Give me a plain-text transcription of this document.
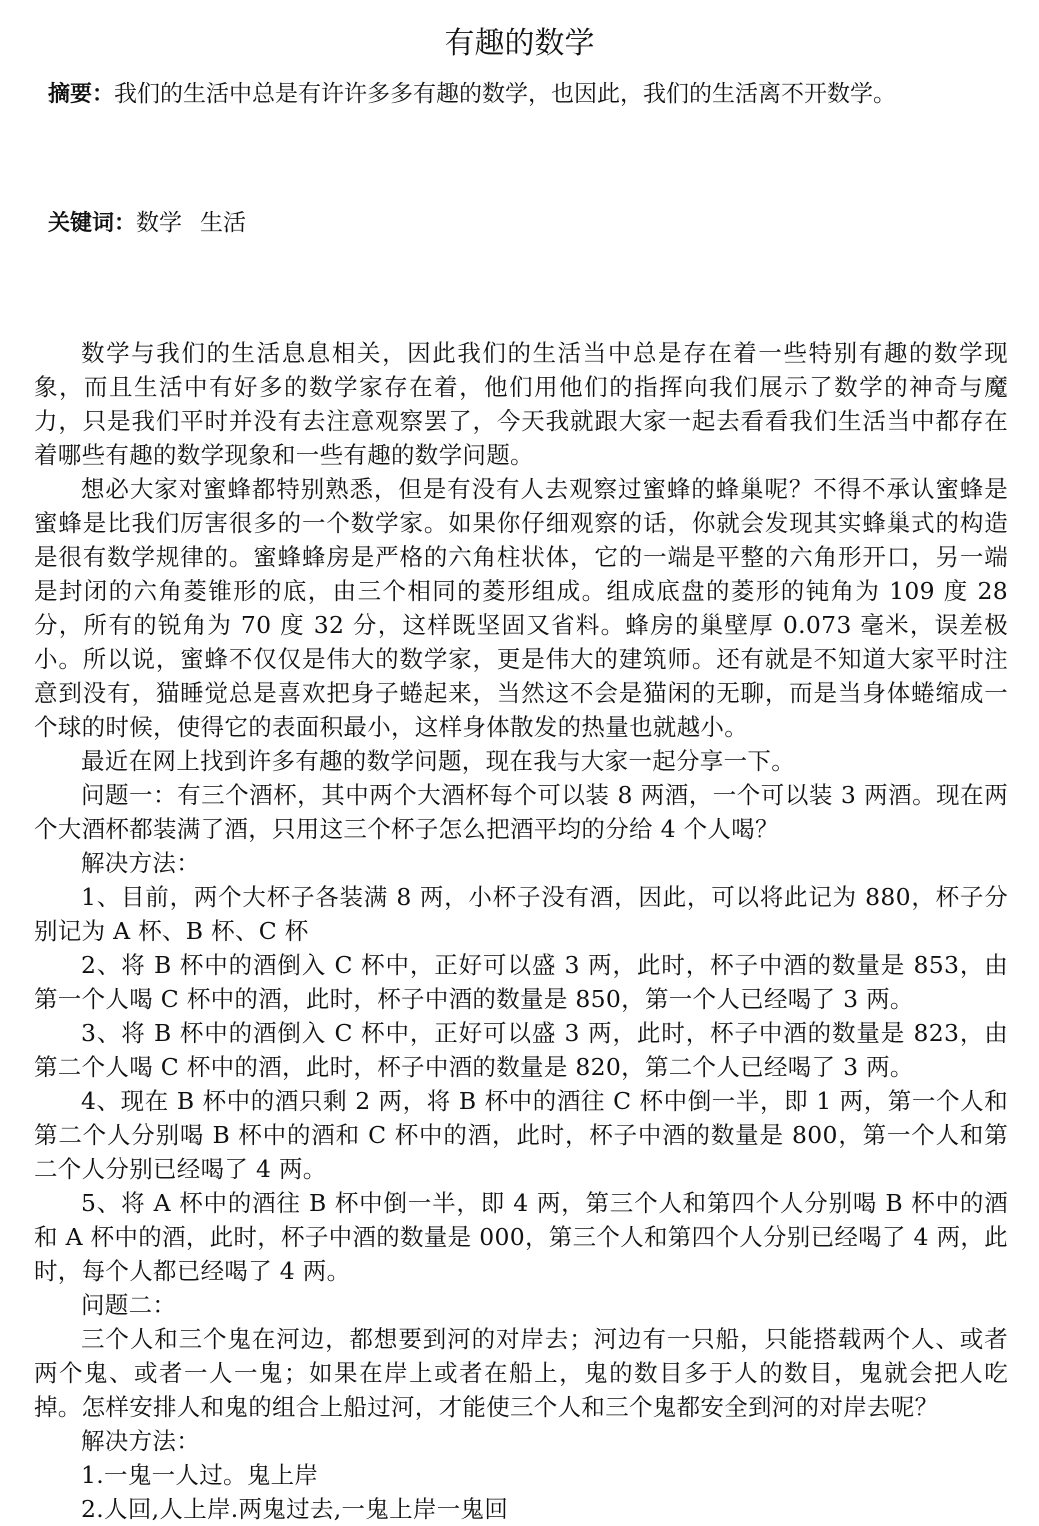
有趣的数学
摘要：我们的生活中总是有许许多多有趣的数学，也因此，我们的生活离不开数学。
关键词：数学 生活

数学与我们的生活息息相关，因此我们的生活当中总是存在着一些特别有趣的数学现象，而且生活中有好多的数学家存在着，他们用他们的指挥向我们展示了数学的神奇与魔力，只是我们平时并没有去注意观察罢了，今天我就跟大家一起去看看我们生活当中都存在着哪些有趣的数学现象和一些有趣的数学问题。

想必大家对蜜蜂都特别熟悉，但是有没有人去观察过蜜蜂的蜂巢呢？不得不承认蜜蜂是蜜蜂是比我们厉害很多的一个数学家。如果你仔细观察的话，你就会发现其实蜂巢式的构造是很有数学规律的。蜜蜂蜂房是严格的六角柱状体，它的一端是平整的六角形开口，另一端是封闭的六角菱锥形的底，由三个相同的菱形组成。组成底盘的菱形的钝角为 109 度 28 分，所有的锐角为 70 度 32 分，这样既坚固又省料。蜂房的巢壁厚 0.073 毫米，误差极小。所以说，蜜蜂不仅仅是伟大的数学家，更是伟大的建筑师。还有就是不知道大家平时注意到没有，猫睡觉总是喜欢把身子蜷起来，当然这不会是猫闲的无聊，而是当身体蜷缩成一个球的时候，使得它的表面积最小，这样身体散发的热量也就越小。

最近在网上找到许多有趣的数学问题，现在我与大家一起分享一下。

问题一：有三个酒杯，其中两个大酒杯每个可以装 8 两酒，一个可以装 3 两酒。现在两个大酒杯都装满了酒，只用这三个杯子怎么把酒平均的分给 4 个人喝？

解决方法：

1、目前，两个大杯子各装满 8 两，小杯子没有酒，因此，可以将此记为 880，杯子分别记为 A 杯、B 杯、C 杯

2、将 B 杯中的酒倒入 C 杯中，正好可以盛 3 两，此时，杯子中酒的数量是 853，由第一个人喝 C 杯中的酒，此时，杯子中酒的数量是 850，第一个人已经喝了 3 两。

3、将 B 杯中的酒倒入 C 杯中，正好可以盛 3 两，此时，杯子中酒的数量是 823，由第二个人喝 C 杯中的酒，此时，杯子中酒的数量是 820，第二个人已经喝了 3 两。

4、现在 B 杯中的酒只剩 2 两，将 B 杯中的酒往 C 杯中倒一半，即 1 两，第一个人和第二个人分别喝 B 杯中的酒和 C 杯中的酒，此时，杯子中酒的数量是 800，第一个人和第二个人分别已经喝了 4 两。

5、将 A 杯中的酒往 B 杯中倒一半，即 4 两，第三个人和第四个人分别喝 B 杯中的酒和 A 杯中的酒，此时，杯子中酒的数量是 000，第三个人和第四个人分别已经喝了 4 两，此时，每个人都已经喝了 4 两。

问题二：

三个人和三个鬼在河边，都想要到河的对岸去；河边有一只船，只能搭载两个人、或者两个鬼、或者一人一鬼；如果在岸上或者在船上，鬼的数目多于人的数目，鬼就会把人吃掉。怎样安排人和鬼的组合上船过河，才能使三个人和三个鬼都安全到河的对岸去呢？

解决方法：

1.一鬼一人过。鬼上岸

2.人回,人上岸.两鬼过去,一鬼上岸一鬼回
